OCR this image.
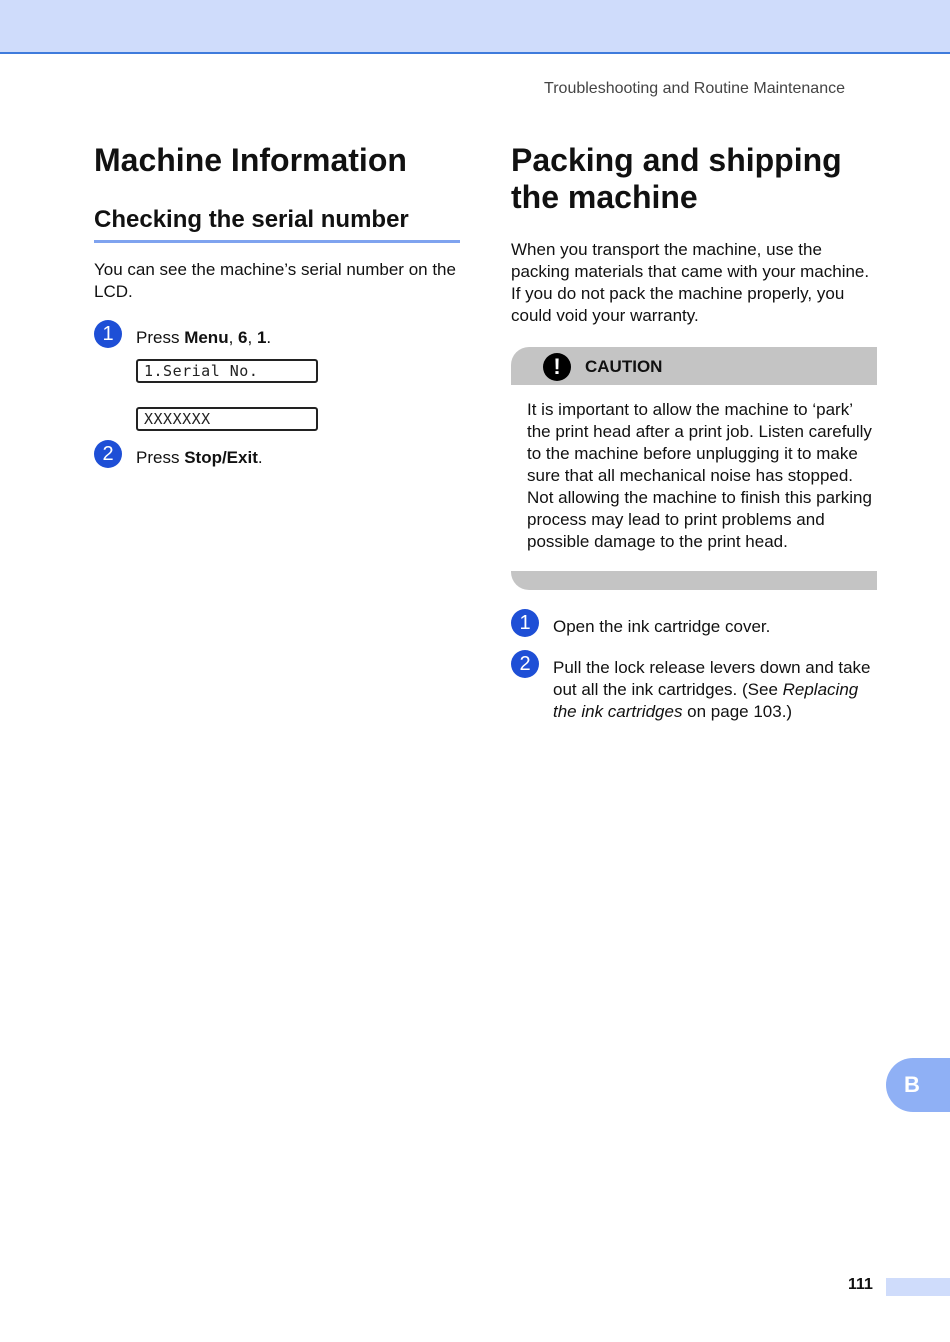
Troubleshooting and Routine Maintenance
Machine Information
Checking the serial number
You can see the machine’s serial number on the LCD.
1	Press Menu, 6, 1.
1.Serial No.
XXXXXXX
2	Press Stop/Exit.
Packing and shipping the machine
When you transport the machine, use the packing materials that came with your machine. If you do not pack the machine properly, you could void your warranty.
!	CAUTION
It is important to allow the machine to ‘park’ the print head after a print job. Listen carefully to the machine before unplugging it to make sure that all mechanical noise has stopped. Not allowing the machine to finish this parking process may lead to print problems and possible damage to the print head.
1	Open the ink cartridge cover.
2	Pull the lock release levers down and take out all the ink cartridges. (See Replacing the ink cartridges on page 103.)
B
111
